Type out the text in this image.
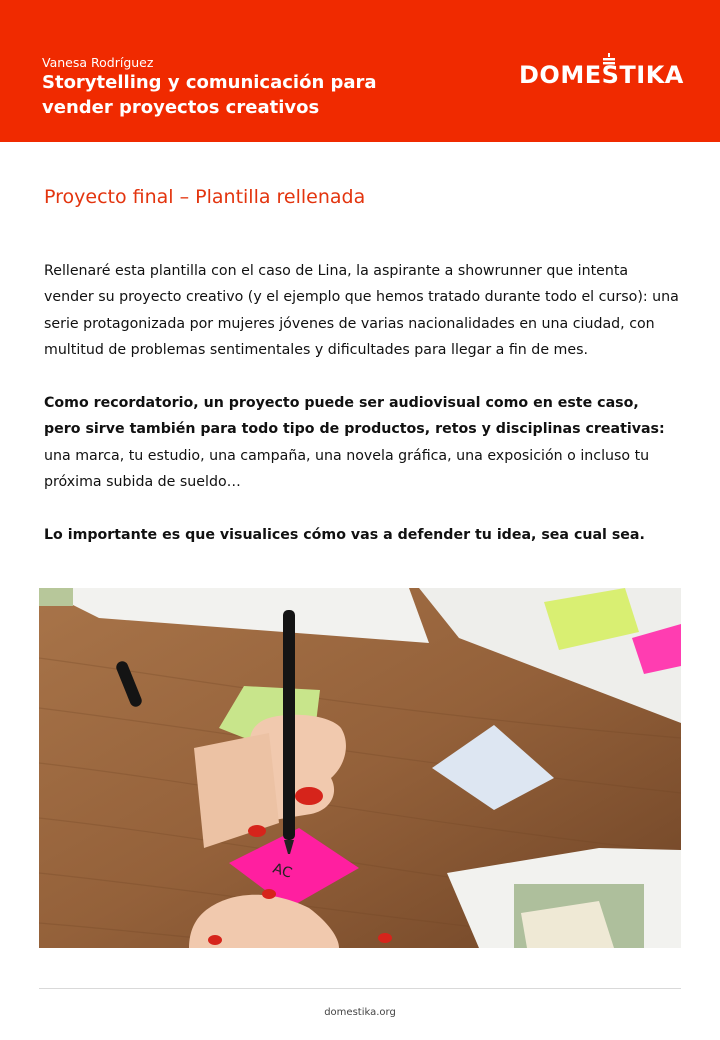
Vanesa Rodríguez
Storytelling y comunicación para vender proyectos creativos
DOMESTIKA
Proyecto final – Plantilla rellenada

Rellenaré esta plantilla con el caso de Lina, la aspirante a showrunner que intenta vender su proyecto creativo (y el ejemplo que hemos tratado durante todo el curso): una serie protagonizada por mujeres jóvenes de varias nacionalidades en una ciudad, con multitud de problemas sentimentales y dificultades para llegar a fin de mes.

Como recordatorio, un proyecto puede ser audiovisual como en este caso, pero sirve también para todo tipo de productos, retos y disciplinas creativas: una marca, tu estudio, una campaña, una novela gráfica, una exposición o incluso tu próxima subida de sueldo…

Lo importante es que visualices cómo vas a defender tu idea, sea cual sea.

AC
domestika.org
